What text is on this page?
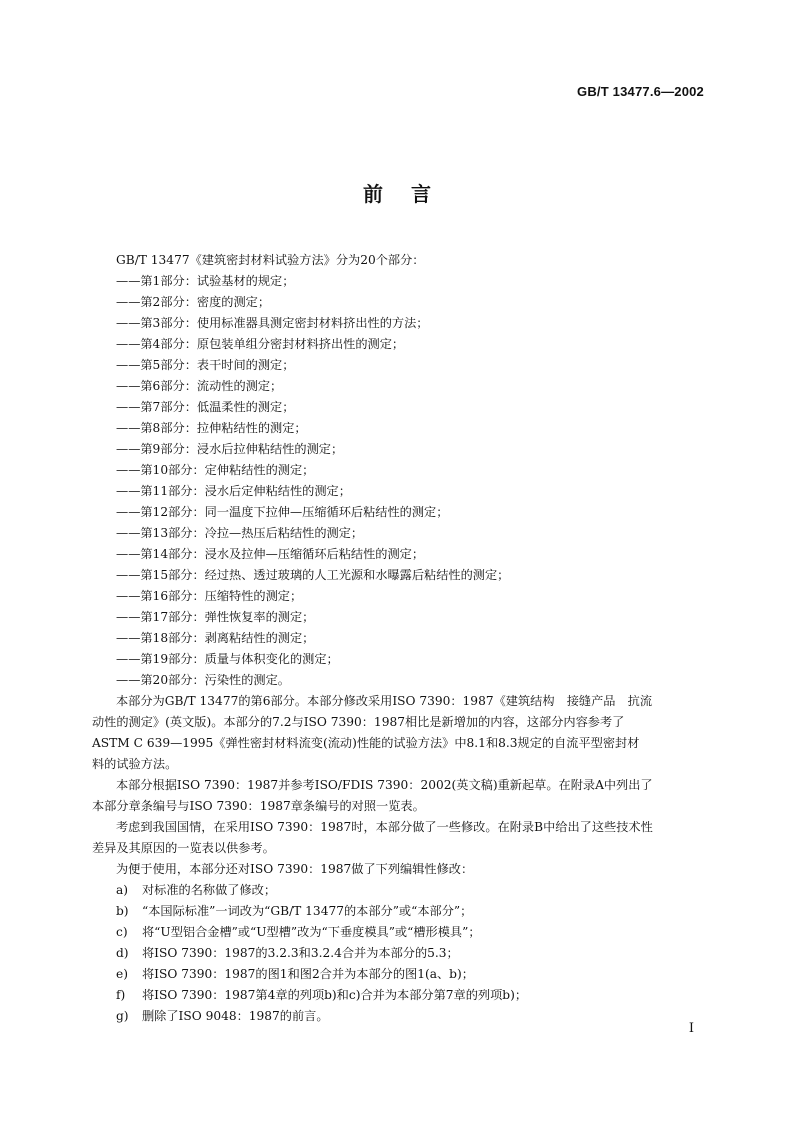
GB/T 13477.6—2002
前 言
GB/T 13477《建筑密封材料试验方法》分为20个部分：
——第1部分：试验基材的规定；
——第2部分：密度的测定；
——第3部分：使用标准器具测定密封材料挤出性的方法；
——第4部分：原包装单组分密封材料挤出性的测定；
——第5部分：表干时间的测定；
——第6部分：流动性的测定；
——第7部分：低温柔性的测定；
——第8部分：拉伸粘结性的测定；
——第9部分：浸水后拉伸粘结性的测定；
——第10部分：定伸粘结性的测定；
——第11部分：浸水后定伸粘结性的测定；
——第12部分：同一温度下拉伸—压缩循环后粘结性的测定；
——第13部分：冷拉—热压后粘结性的测定；
——第14部分：浸水及拉伸—压缩循环后粘结性的测定；
——第15部分：经过热、透过玻璃的人工光源和水曝露后粘结性的测定；
——第16部分：压缩特性的测定；
——第17部分：弹性恢复率的测定；
——第18部分：剥离粘结性的测定；
——第19部分：质量与体积变化的测定；
——第20部分：污染性的测定。
本部分为GB/T 13477的第6部分。本部分修改采用ISO 7390：1987《建筑结构　接缝产品　抗流
动性的测定》(英文版)。本部分的7.2与ISO 7390：1987相比是新增加的内容，这部分内容参考了
ASTM C 639—1995《弹性密封材料流变(流动)性能的试验方法》中8.1和8.3规定的自流平型密封材
料的试验方法。
本部分根据ISO 7390：1987并参考ISO/FDIS 7390：2002(英文稿)重新起草。在附录A中列出了
本部分章条编号与ISO 7390：1987章条编号的对照一览表。
考虑到我国国情，在采用ISO 7390：1987时，本部分做了一些修改。在附录B中给出了这些技术性
差异及其原因的一览表以供参考。
为便于使用，本部分还对ISO 7390：1987做了下列编辑性修改：
a) 对标准的名称做了修改；
b) “本国际标准”一词改为“GB/T 13477的本部分”或“本部分”；
c) 将“U型铝合金槽”或“U型槽”改为“下垂度模具”或“槽形模具”；
d) 将ISO 7390：1987的3.2.3和3.2.4合并为本部分的5.3；
e) 将ISO 7390：1987的图1和图2合并为本部分的图1(a、b)；
f) 将ISO 7390：1987第4章的列项b)和c)合并为本部分第7章的列项b)；
g) 删除了ISO 9048：1987的前言。
I
